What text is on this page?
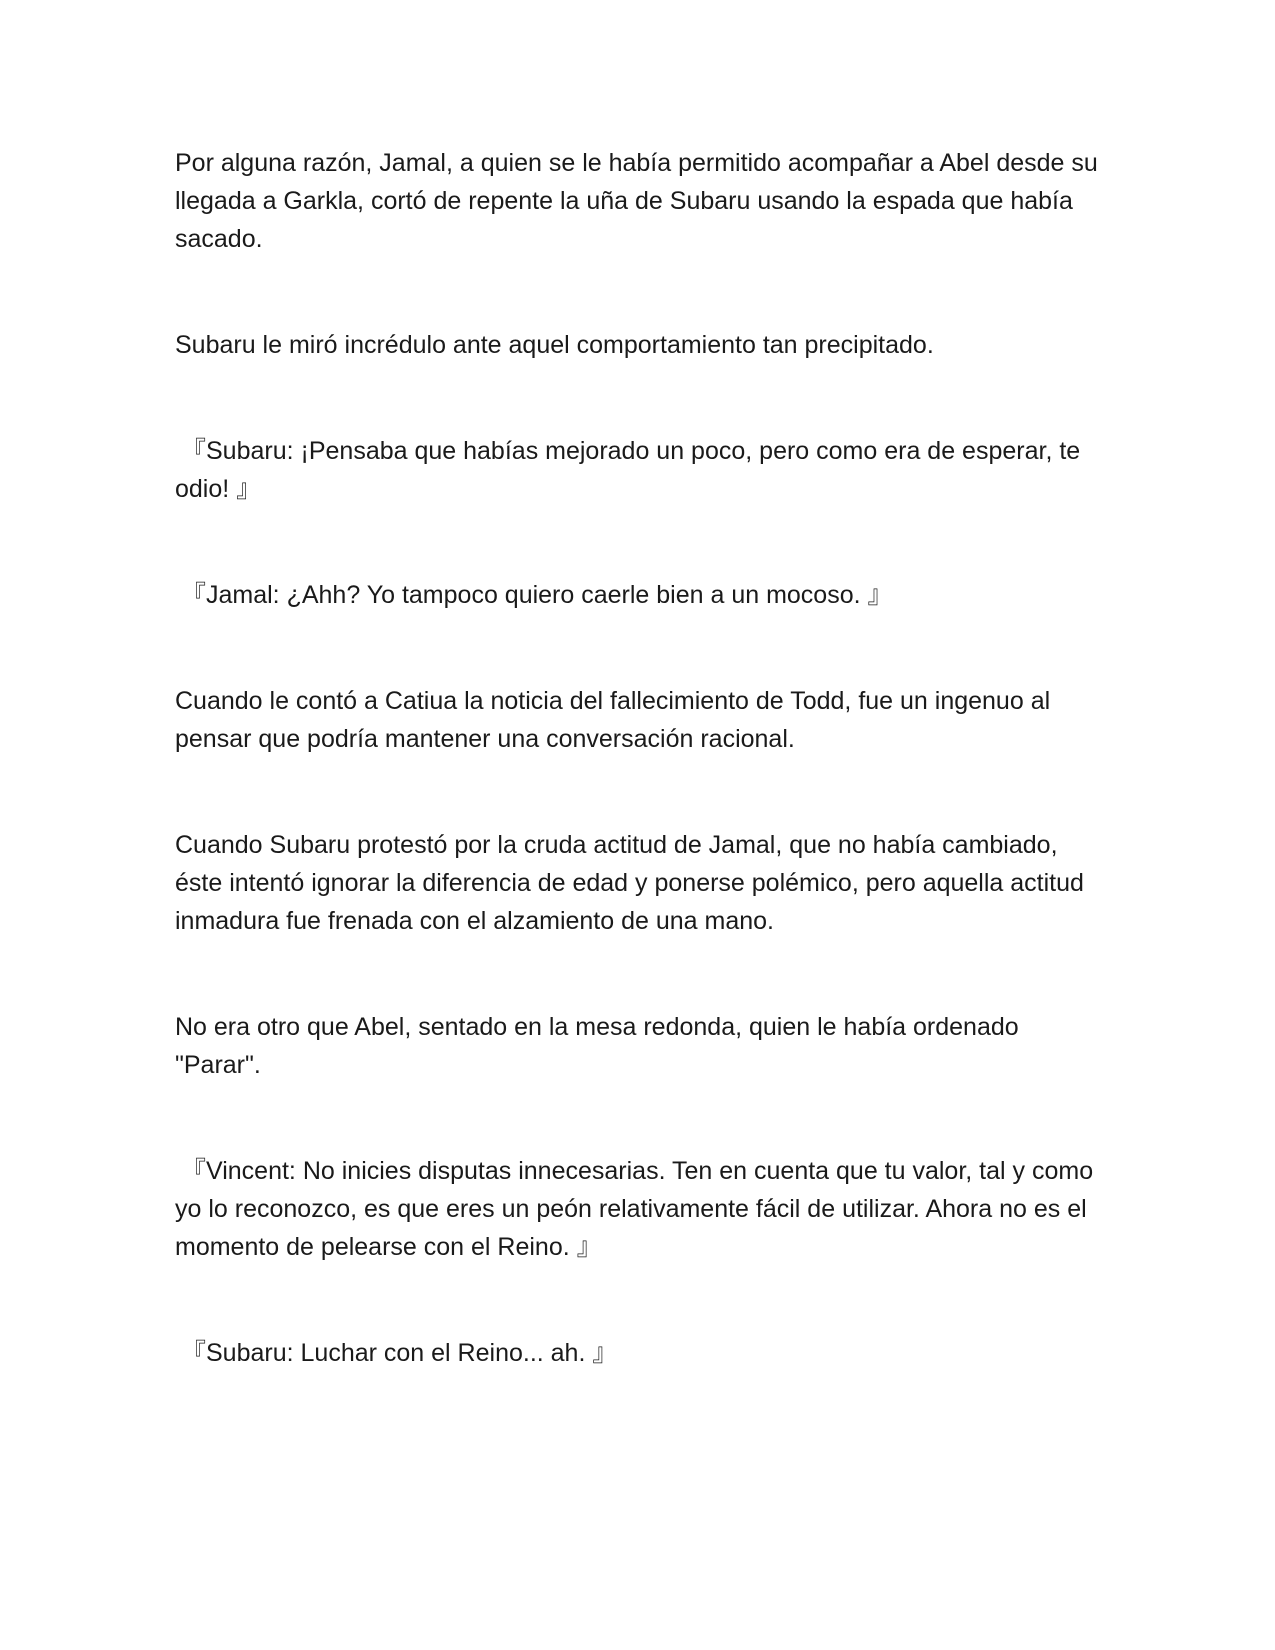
Por alguna razón, Jamal, a quien se le había permitido acompañar a Abel desde su llegada a Garkla, cortó de repente la uña de Subaru usando la espada que había sacado.

Subaru le miró incrédulo ante aquel comportamiento tan precipitado.

『Subaru: ¡Pensaba que habías mejorado un poco, pero como era de esperar, te odio! 』

『Jamal: ¿Ahh? Yo tampoco quiero caerle bien a un mocoso. 』

Cuando le contó a Catiua la noticia del fallecimiento de Todd, fue un ingenuo al pensar que podría mantener una conversación racional.

Cuando Subaru protestó por la cruda actitud de Jamal, que no había cambiado, éste intentó ignorar la diferencia de edad y ponerse polémico, pero aquella actitud inmadura fue frenada con el alzamiento de una mano.

No era otro que Abel, sentado en la mesa redonda, quien le había ordenado "Parar".

『Vincent: No inicies disputas innecesarias. Ten en cuenta que tu valor, tal y como yo lo reconozco, es que eres un peón relativamente fácil de utilizar. Ahora no es el momento de pelearse con el Reino. 』

『Subaru: Luchar con el Reino... ah. 』
